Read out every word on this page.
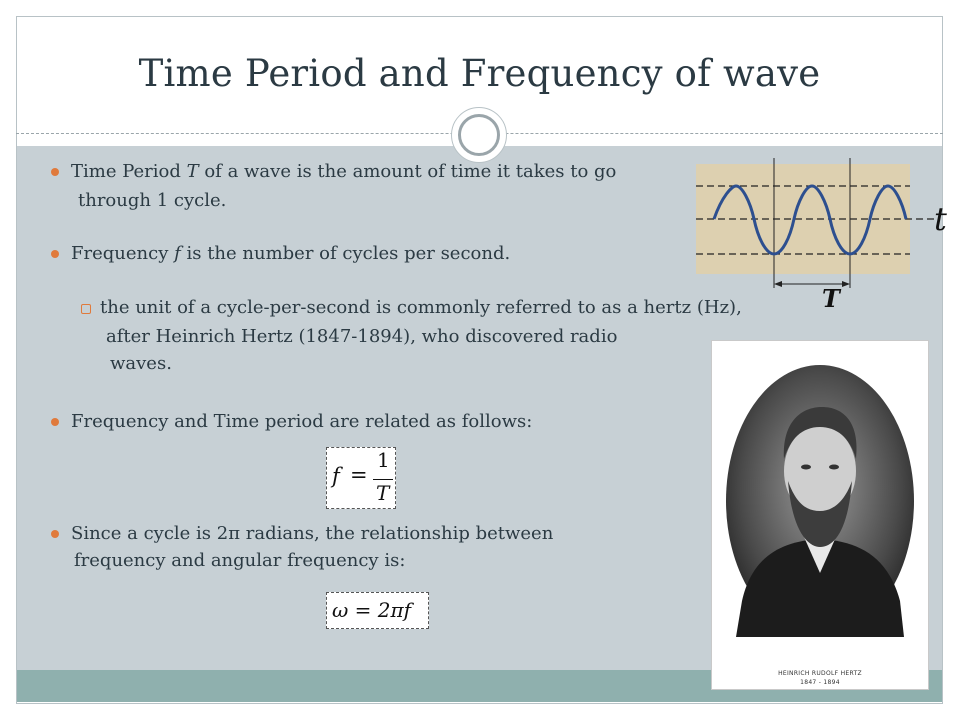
Time Period and Frequency of wave
Time Period T of a wave is the amount of time it takes to go
through 1 cycle.
Frequency f is the number of cycles per second.
the unit of a cycle-per-second is commonly referred to as a hertz (Hz),
after Heinrich Hertz (1847-1894), who discovered radio
waves.
Frequency and Time period are related as follows:
f =
1
T
Since a cycle is 2π radians, the relationship between
frequency and angular frequency is:
ω = 2πf
t
T
HEINRICH RUDOLF HERTZ
1847 - 1894
